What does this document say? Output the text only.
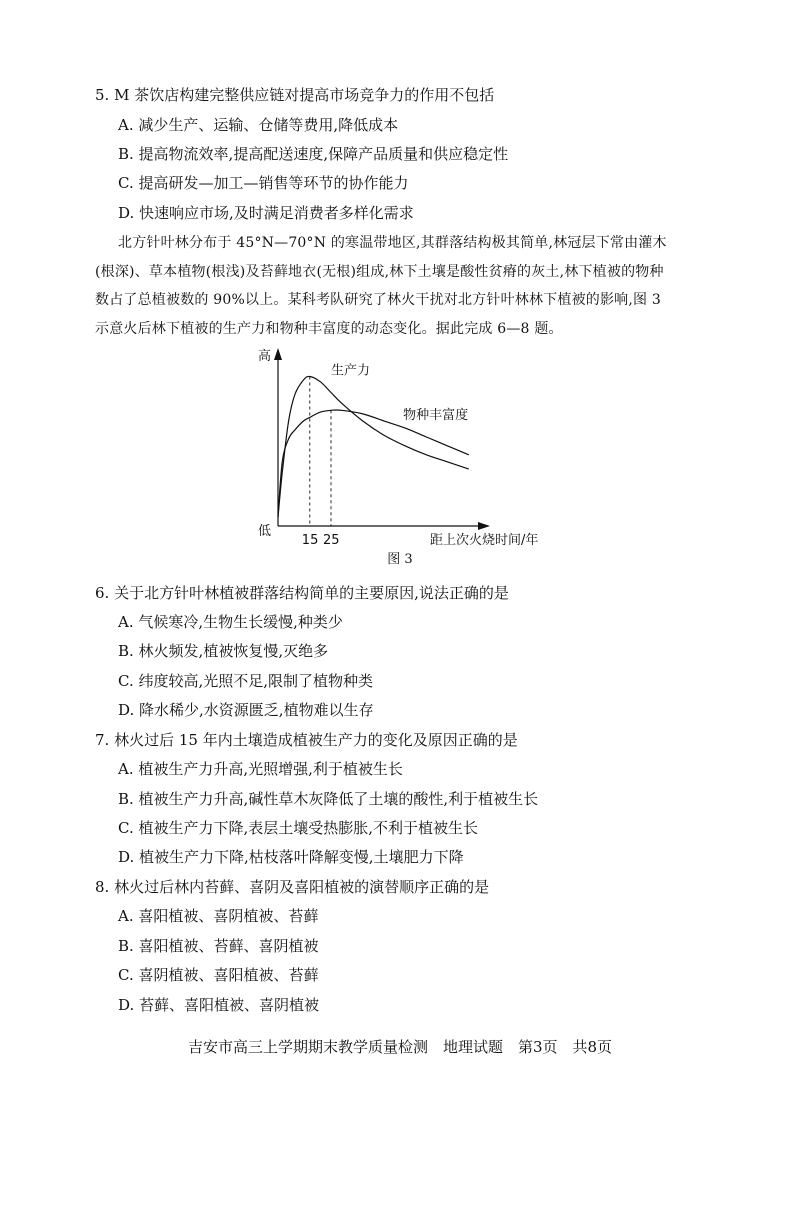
5. M 茶饮店构建完整供应链对提高市场竞争力的作用不包括
A. 减少生产、运输、仓储等费用,降低成本
B. 提高物流效率,提高配送速度,保障产品质量和供应稳定性
C. 提高研发—加工—销售等环节的协作能力
D. 快速响应市场,及时满足消费者多样化需求
北方针叶林分布于 45°N—70°N 的寒温带地区,其群落结构极其简单,林冠层下常由灌木
(根深)、草本植物(根浅)及苔藓地衣(无根)组成,林下土壤是酸性贫瘠的灰土,林下植被的物种
数占了总植被数的 90%以上。某科考队研究了林火干扰对北方针叶林林下植被的影响,图 3
示意火后林下植被的生产力和物种丰富度的动态变化。据此完成 6—8 题。
高
低
生产力
物种丰富度
15 25	距上次火烧时间/年
图 3
6. 关于北方针叶林植被群落结构简单的主要原因,说法正确的是
A. 气候寒冷,生物生长缓慢,种类少
B. 林火频发,植被恢复慢,灭绝多
C. 纬度较高,光照不足,限制了植物种类
D. 降水稀少,水资源匮乏,植物难以生存
7. 林火过后 15 年内土壤造成植被生产力的变化及原因正确的是
A. 植被生产力升高,光照增强,利于植被生长
B. 植被生产力升高,碱性草木灰降低了土壤的酸性,利于植被生长
C. 植被生产力下降,表层土壤受热膨胀,不利于植被生长
D. 植被生产力下降,枯枝落叶降解变慢,土壤肥力下降
8. 林火过后林内苔藓、喜阴及喜阳植被的演替顺序正确的是
A. 喜阳植被、喜阴植被、苔藓
B. 喜阳植被、苔藓、喜阴植被
C. 喜阴植被、喜阳植被、苔藓
D. 苔藓、喜阳植被、喜阴植被
吉安市高三上学期期末教学质量检测　地理试题　第3页　共8页
